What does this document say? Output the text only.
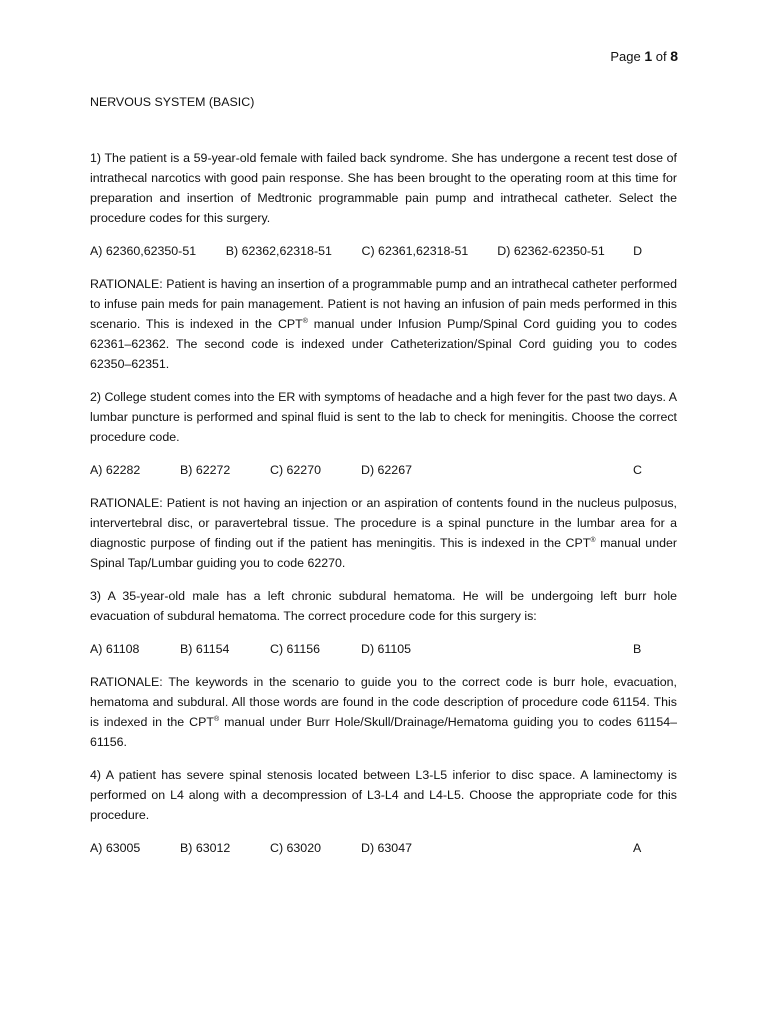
Page 1 of 8
NERVOUS SYSTEM (BASIC)

1) The patient is a 59-year-old female with failed back syndrome. She has undergone a recent test dose of intrathecal narcotics with good pain response. She has been brought to the operating room at this time for preparation and insertion of Medtronic programmable pain pump and intrathecal catheter. Select the procedure codes for this surgery.

A) 62360,62350-51	B) 62362,62318-51	C) 62361,62318-51	D) 62362-62350-51	D

RATIONALE: Patient is having an insertion of a programmable pump and an intrathecal catheter performed to infuse pain meds for pain management. Patient is not having an infusion of pain meds performed in this scenario. This is indexed in the CPT® manual under Infusion Pump/Spinal Cord guiding you to codes 62361–62362. The second code is indexed under Catheterization/Spinal Cord guiding you to codes 62350–62351.

2) College student comes into the ER with symptoms of headache and a high fever for the past two days. A lumbar puncture is performed and spinal fluid is sent to the lab to check for meningitis. Choose the correct procedure code.

A) 62282	B) 62272	C) 62270	D) 62267	C

RATIONALE: Patient is not having an injection or an aspiration of contents found in the nucleus pulposus, intervertebral disc, or paravertebral tissue. The procedure is a spinal puncture in the lumbar area for a diagnostic purpose of finding out if the patient has meningitis. This is indexed in the CPT® manual under Spinal Tap/Lumbar guiding you to code 62270.

3) A 35-year-old male has a left chronic subdural hematoma. He will be undergoing left burr hole evacuation of subdural hematoma. The correct procedure code for this surgery is:

A) 61108	B) 61154	C) 61156	D) 61105	B

RATIONALE: The keywords in the scenario to guide you to the correct code is burr hole, evacuation, hematoma and subdural. All those words are found in the code description of procedure code 61154. This is indexed in the CPT® manual under Burr Hole/Skull/Drainage/Hematoma guiding you to codes 61154–61156.

4) A patient has severe spinal stenosis located between L3-L5 inferior to disc space. A laminectomy is performed on L4 along with a decompression of L3-L4 and L4-L5. Choose the appropriate code for this procedure.

A) 63005	B) 63012	C) 63020	D) 63047	A
